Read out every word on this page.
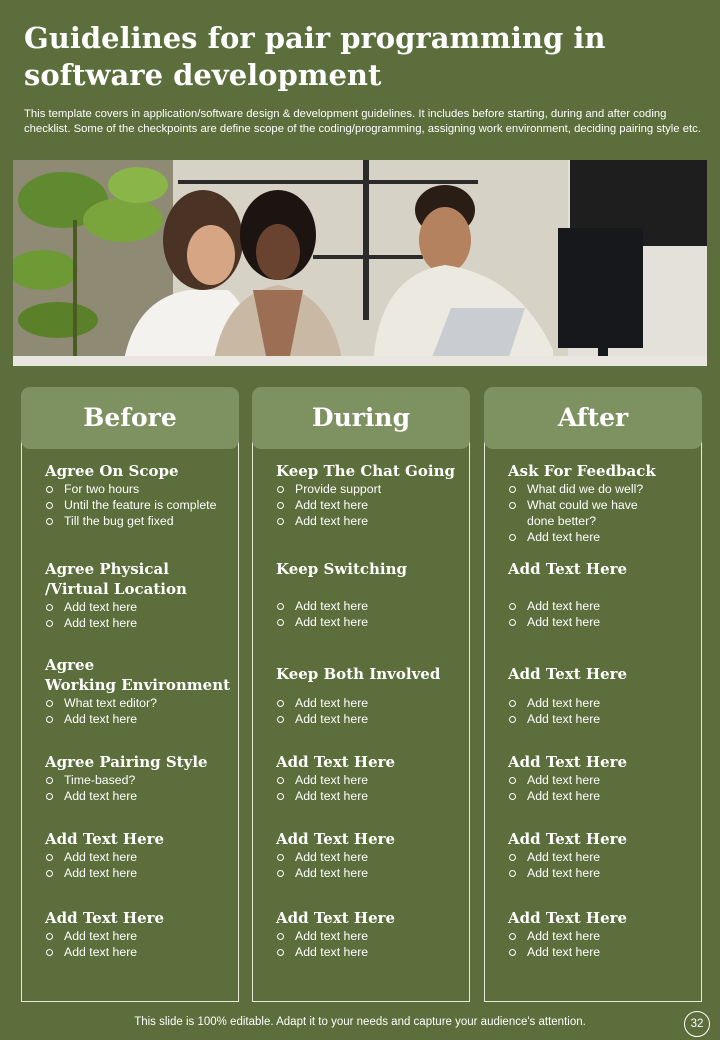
Guidelines for pair programming in software development
This template covers in application/software design & development guidelines. It includes before starting, during and after coding checklist. Some of the checkpoints are define scope of the coding/programming, assigning work environment, deciding pairing style etc.
Before
Agree On Scope
For two hours
Until the feature is complete
Till the bug get fixed
Agree Physical
/Virtual Location
Add text here
Add text here
Agree
Working Environment
What text editor?
Add text here
Agree Pairing Style
Time-based?
Add text here
Add Text Here
Add text here
Add text here
Add Text Here
Add text here
Add text here
During
Keep The Chat Going
Provide support
Add text here
Add text here
Keep Switching
Add text here
Add text here
Keep Both Involved
Add text here
Add text here
Add Text Here
Add text here
Add text here
Add Text Here
Add text here
Add text here
Add Text Here
Add text here
Add text here
After
Ask For Feedback
What did we do well?
What could we have
done better?
Add text here
Add Text Here
Add text here
Add text here
Add Text Here
Add text here
Add text here
Add Text Here
Add text here
Add text here
Add Text Here
Add text here
Add text here
Add Text Here
Add text here
Add text here
This slide is 100% editable. Adapt it to your needs and capture your audience's attention.	32
